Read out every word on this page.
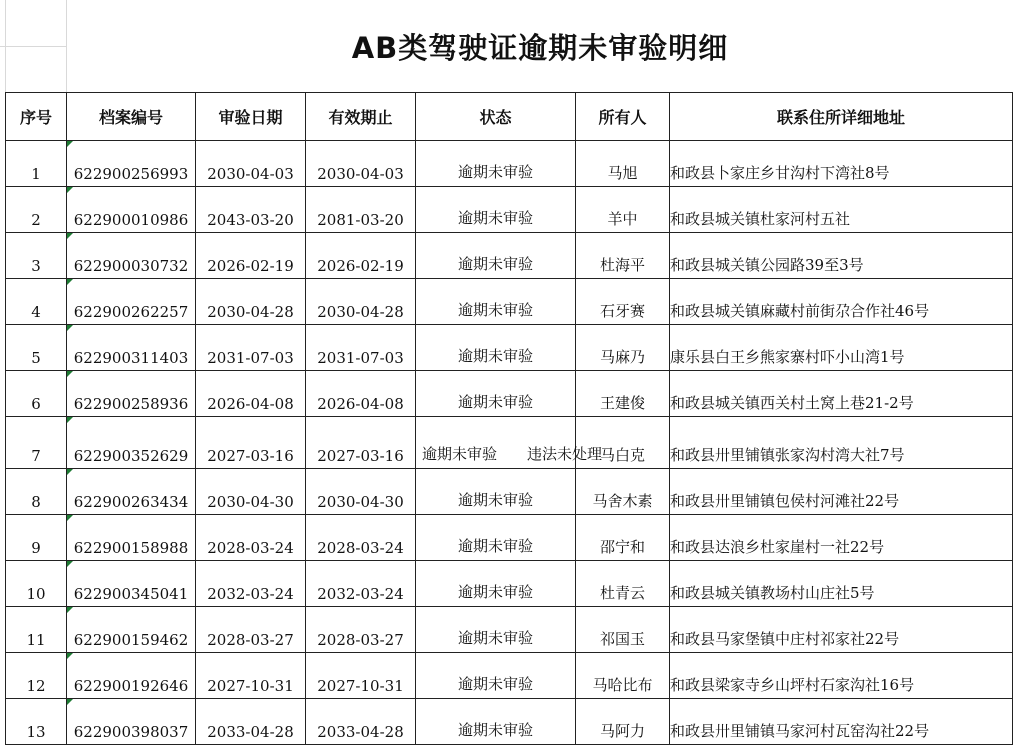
AB类驾驶证逾期未审验明细
序号	档案编号	审验日期	有效期止	状态	所有人	联系住所详细地址
1	622900256993	2030-04-03	2030-04-03	逾期未审验	马旭	和政县卜家庄乡甘沟村下湾社8号
2	622900010986	2043-03-20	2081-03-20	逾期未审验	羊中	和政县城关镇杜家河村五社
3	622900030732	2026-02-19	2026-02-19	逾期未审验	杜海平	和政县城关镇公园路39至3号
4	622900262257	2030-04-28	2030-04-28	逾期未审验	石牙赛	和政县城关镇麻藏村前街尕合作社46号
5	622900311403	2031-07-03	2031-07-03	逾期未审验	马麻乃	康乐县白王乡熊家寨村吓小山湾1号
6	622900258936	2026-04-08	2026-04-08	逾期未审验	王建俊	和政县城关镇西关村土窝上巷21-2号
7	622900352629	2027-03-16	2027-03-16	逾期未审验　　违法未处理	马白克	和政县卅里铺镇张家沟村湾大社7号
8	622900263434	2030-04-30	2030-04-30	逾期未审验	马舍木素	和政县卅里铺镇包侯村河滩社22号
9	622900158988	2028-03-24	2028-03-24	逾期未审验	邵宁和	和政县达浪乡杜家崖村一社22号
10	622900345041	2032-03-24	2032-03-24	逾期未审验	杜青云	和政县城关镇教场村山庄社5号
11	622900159462	2028-03-27	2028-03-27	逾期未审验	祁国玉	和政县马家堡镇中庄村祁家社22号
12	622900192646	2027-10-31	2027-10-31	逾期未审验	马哈比布	和政县梁家寺乡山坪村石家沟社16号
13	622900398037	2033-04-28	2033-04-28	逾期未审验	马阿力	和政县卅里铺镇马家河村瓦窑沟社22号
